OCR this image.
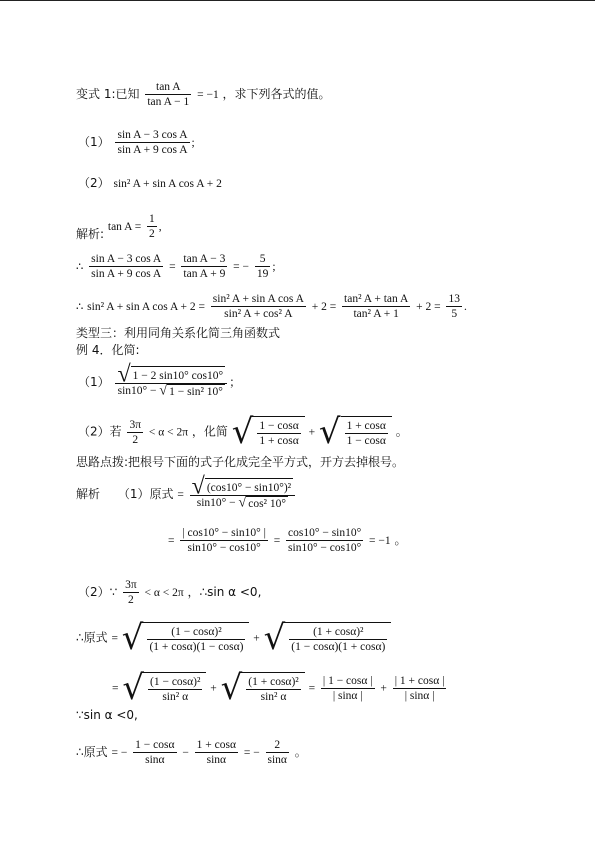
变式 1:已知 $\frac{\text{tan A}}{\text{tan A − 1}} = -1$ ，求下列各式的值。
$(1) \frac{\text{sin A − 3 cos A}}{\text{sin A + 9 cos A}}$ ;
（2） sin² A + sin A cos A + 2
解析: $\tan A = \frac{1}{2}$ ,
∴ $\frac{\text{sin A − 3 cos A}}{\text{sin A + 9 cos A}} = \frac{\text{tan A − 3}}{\text{tan A + 9}}$ = − $\frac{5}{19}$ ;
∴ sin² A + sin A $\cos A + 2 = \frac{\text{sin² A + sin A cos A}}{\text{sin² A + cos² A}} + 2 = \frac{\text{tan² A + tan A}}{\text{tan² A + 1}} + 2 = \frac{13}{5}$ .
类型三：利用同角关系化简三角函数式
例 4．化简:
$(1) \frac{√ 1 - 2 \sin 10^\circ \cos 10^\circ}{\text{sin10° − √ 1 − sin² 10°}}$ ；
（2）若 $\frac{3\pi}{2} < \alpha < 2\pi$ ，化简 √ $\frac{1 - \cos\alpha}{1 + \cos\alpha}$ + √ $\frac{1 + \cos\alpha}{1 - \cos\alpha}$ 。
思路点拨:把根号下面的式子化成完全平方式，开方去掉根号。
解析 （1）原式 = $\frac{\text{√ (cos10° − sin10°)²}}{\text{sin10° − √ cos² 10°}}$
= $\frac{| \cos 10^\circ - \sin 10^\circ |}{\sin 10^\circ - \cos 10^\circ} = \frac{\cos 10^\circ - \sin 10^\circ}{\sin 10^\circ - \cos 10^\circ} = -1$ 。
（2）∵ $\frac{3\pi}{2} < \alpha < 2\pi$ ，∴sin α <0,
∴原式 = √ $\frac{\text{(1 − cosα)²}}{(1 + \cos\alpha)(1 - \cos\alpha)}$ + √ $\frac{\text{(1 + cosα)²}}{(1 - \cos\alpha)(1 + \cos\alpha)}$
= √ $\frac{\text{(1 − cosα)²}}{\text{sin² α}}$ + √ $\frac{\text{(1 + cosα)²}}{\text{sin² α}} = \frac{| 1 - \cos\alpha |}{| \sin\alpha |} + \frac{| 1 + \cos\alpha |}{| \sin\alpha |}$
∵sin α <0,
∴原式 = − $\frac{1 - \cos\alpha}{\sin\alpha} - \frac{1 + \cos\alpha}{\sin\alpha}$ = − $\frac{2}{\sin\alpha}$ 。
